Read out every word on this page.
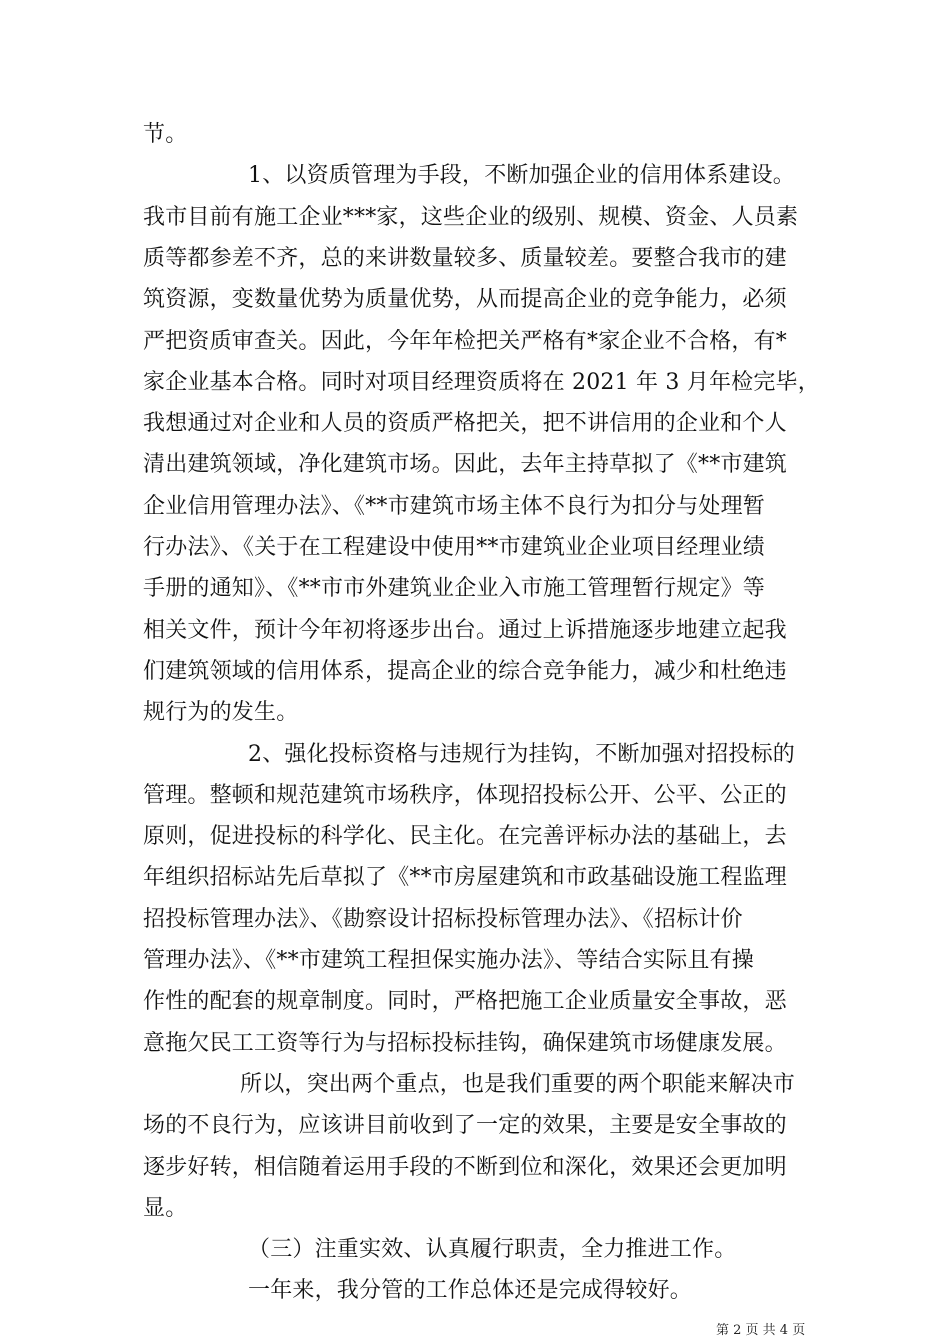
节。
1、以资质管理为手段，不断加强企业的信用体系建设。
我市目前有施工企业***家，这些企业的级别、规模、资金、人员素
质等都参差不齐，总的来讲数量较多、质量较差。要整合我市的建
筑资源，变数量优势为质量优势，从而提高企业的竞争能力，必须
严把资质审查关。因此，今年年检把关严格有*家企业不合格，有*
家企业基本合格。同时对项目经理资质将在 2021 年 3 月年检完毕，
我想通过对企业和人员的资质严格把关，把不讲信用的企业和个人
清出建筑领域，净化建筑市场。因此，去年主持草拟了《**市建筑
企业信用管理办法》、《**市建筑市场主体不良行为扣分与处理暂
行办法》、《关于在工程建设中使用**市建筑业企业项目经理业绩
手册的通知》、《**市市外建筑业企业入市施工管理暂行规定》等
相关文件，预计今年初将逐步出台。通过上诉措施逐步地建立起我
们建筑领域的信用体系，提高企业的综合竞争能力，减少和杜绝违
规行为的发生。
2、强化投标资格与违规行为挂钩，不断加强对招投标的
管理。整顿和规范建筑市场秩序，体现招投标公开、公平、公正的
原则，促进投标的科学化、民主化。在完善评标办法的基础上，去
年组织招标站先后草拟了《**市房屋建筑和市政基础设施工程监理
招投标管理办法》、《勘察设计招标投标管理办法》、《招标计价
管理办法》、《**市建筑工程担保实施办法》、等结合实际且有操
作性的配套的规章制度。同时，严格把施工企业质量安全事故，恶
意拖欠民工工资等行为与招标投标挂钩，确保建筑市场健康发展。
所以，突出两个重点，也是我们重要的两个职能来解决市
场的不良行为，应该讲目前收到了一定的效果，主要是安全事故的
逐步好转，相信随着运用手段的不断到位和深化，效果还会更加明
显。
（三）注重实效、认真履行职责，全力推进工作。
一年来，我分管的工作总体还是完成得较好。
第 2 页 共 4 页
